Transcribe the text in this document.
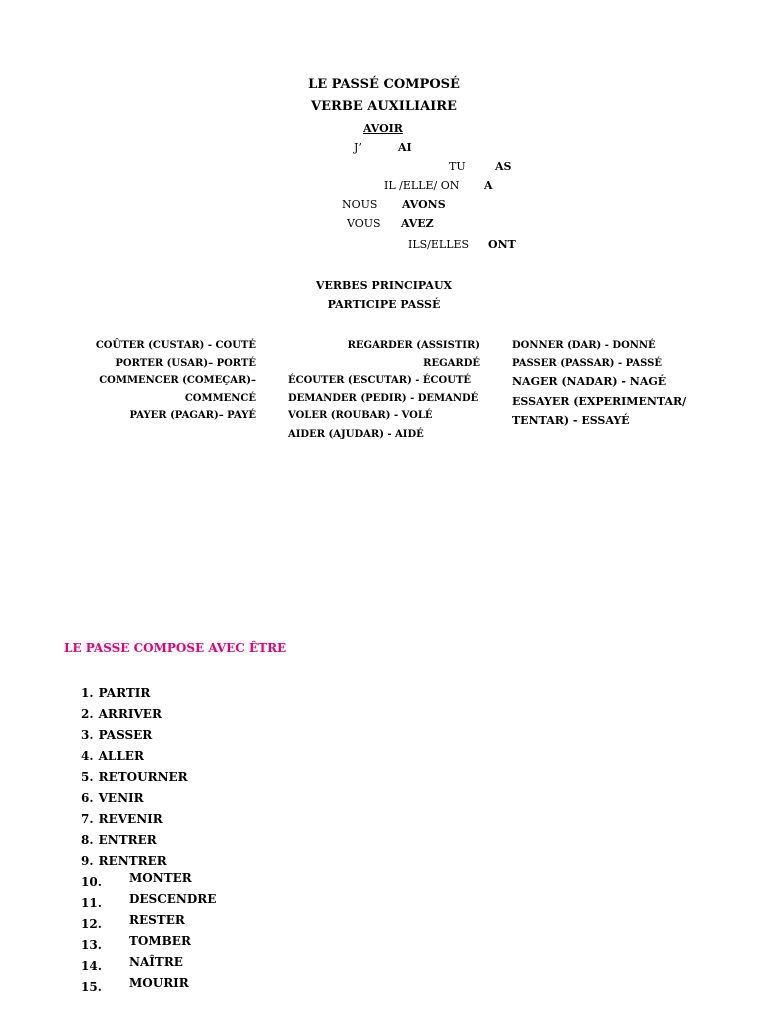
LE PASSÉ COMPOSÉ
VERBE AUXILIAIRE
AVOIR
J’	AI
TU	AS
IL /ELLE/ ON A
NOUS AVONS
VOUS AVEZ
ILS/ELLES ONT
VERBES PRINCIPAUX
PARTICIPE PASSÉ
COÛTER (CUSTAR) - COUTÉ
PORTER (USAR)– PORTÉ
COMMENCER (COMEÇAR)–
COMMENCÉ
PAYER (PAGAR)– PAYÉ
REGARDER (ASSISTIR)
REGARDÉ
ÉCOUTER (ESCUTAR) - ÉCOUTÉ
DEMANDER (PEDIR) - DEMANDÉ
VOLER (ROUBAR) - VOLÉ
AIDER (AJUDAR) - AIDÉ
DONNER (DAR) - DONNÉ
PASSER (PASSAR) - PASSÉ
NAGER (NADAR) - NAGÉ
ESSAYER (EXPERIMENTAR/
TENTAR) - ESSAYÉ
LE PASSE COMPOSE AVEC ÊTRE
1. PARTIR
2. ARRIVER
3. PASSER
4. ALLER
5. RETOURNER
6. VENIR
7. REVENIR
8. ENTRER
9. RENTRER
10. MONTER
11. DESCENDRE
12. RESTER
13. TOMBER
14. NAÎTRE
15. MOURIR
